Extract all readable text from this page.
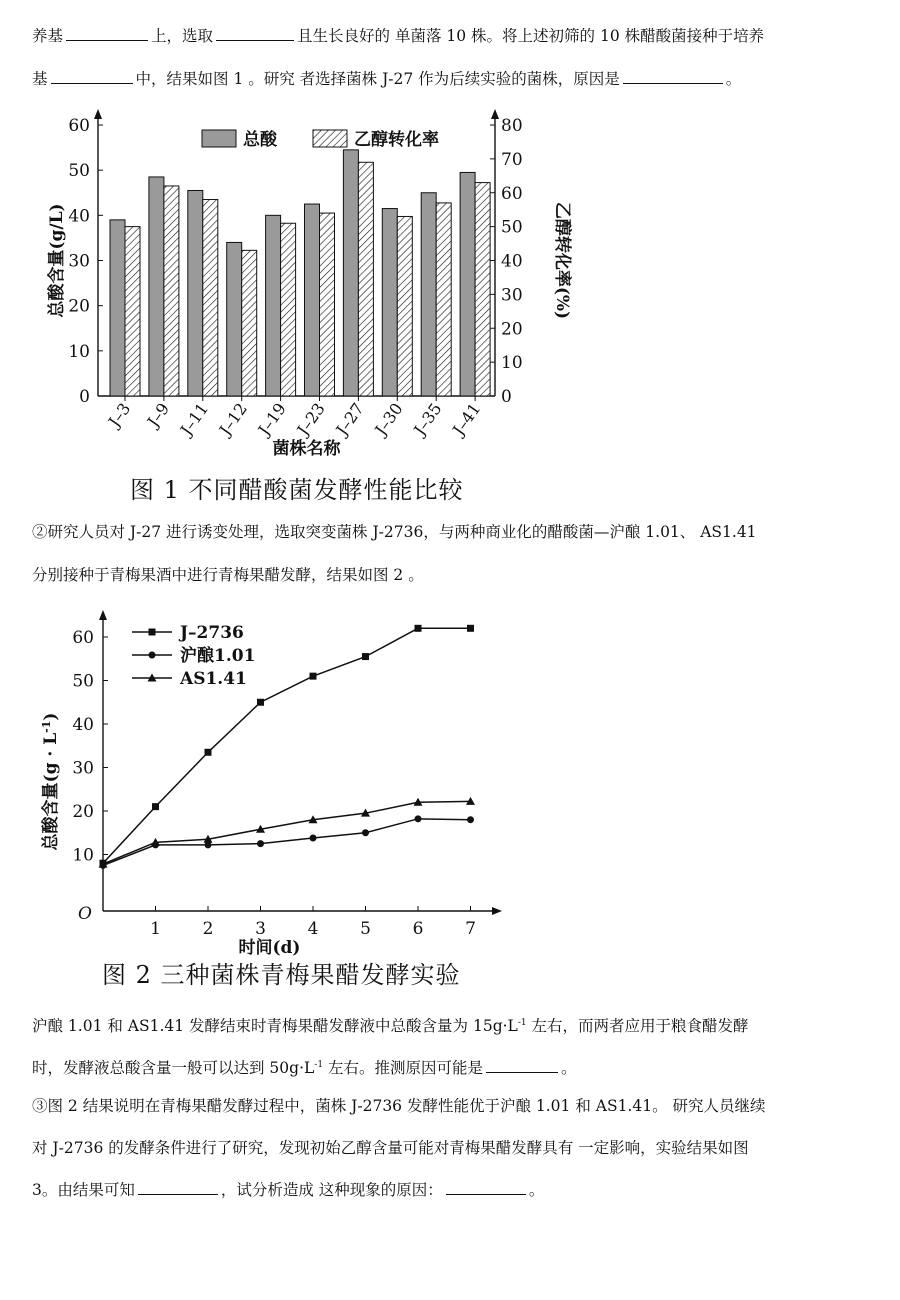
养基	上，选取	且生长良好的 单菌落 10 株。将上述初筛的 10 株醋酸菌接种于培养
基	中，结果如图 1 。研究 者选择菌株 J-27 作为后续实验的菌株，原因是	。
0
10
20
30
40
50
60
0
10
20
30
40
50
60
70
80
总酸含量(g/L)	乙醇转化率(%)
菌株名称
J–3 J–9 J–11 J–12 J–19 J–23 J–27 J–30 J–35 J–41
总酸	乙醇转化率
图 1 不同醋酸菌发酵性能比较
②研究人员对 J-27 进行诱变处理，选取突变菌株 J-2736，与两种商业化的醋酸菌—沪酿 1.01、 AS1.41
分别接种于青梅果酒中进行青梅果醋发酵，结果如图 2 。
10
20
30
40
50
60
1 2 3 4 5 6 7
O
时间(d)
总酸含量$(g \cdot L^{-1})$
J–2736
沪酿1.01
AS1.41
图 2 三种菌株青梅果醋发酵实验
沪酿 1.01 和 AS1.41 发酵结束时青梅果醋发酵液中总酸含量为 $15g\cdot L^{-1}$ 左右，而两者应用于粮食醋发酵
时，发酵液总酸含量一般可以达到 $50g\cdot L^{-1}$ 左右。推测原因可能是	。
③图 2 结果说明在青梅果醋发酵过程中，菌株 J-2736 发酵性能优于沪酿 1.01 和 AS1.41。 研究人员继续
对 J-2736 的发酵条件进行了研究，发现初始乙醇含量可能对青梅果醋发酵具有 一定影响，实验结果如图
3。由结果可知	，试分析造成 这种现象的原因：	。
